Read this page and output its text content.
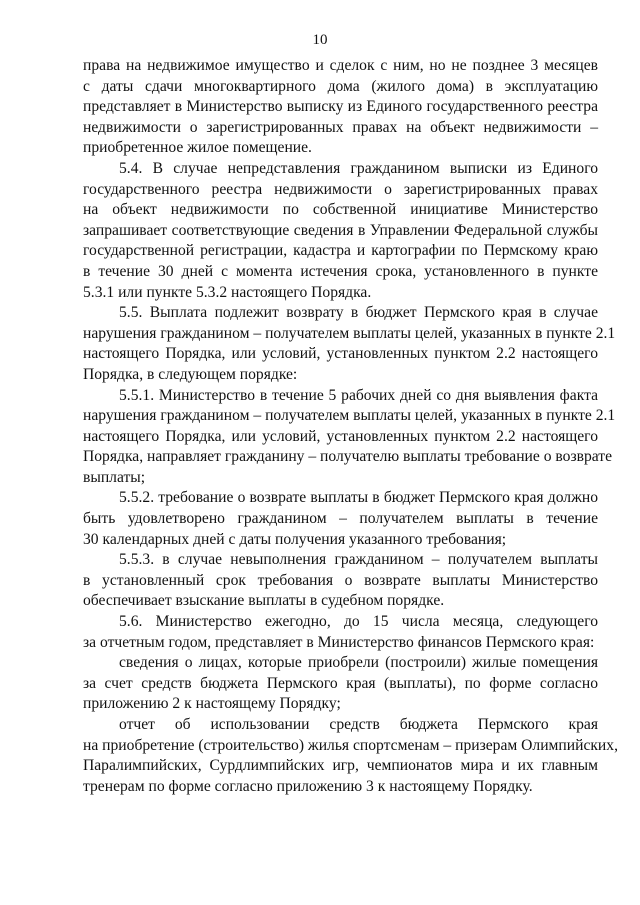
10

права на недвижимое имущество и сделок с ним, но не позднее 3 месяцев
с даты сдачи многоквартирного дома (жилого дома) в эксплуатацию
представляет в Министерство выписку из Единого государственного реестра
недвижимости о зарегистрированных правах на объект недвижимости –
приобретенное жилое помещение.

5.4. В случае непредставления гражданином выписки из Единого
государственного реестра недвижимости о зарегистрированных правах
на объект недвижимости по собственной инициативе Министерство
запрашивает соответствующие сведения в Управлении Федеральной службы
государственной регистрации, кадастра и картографии по Пермскому краю
в течение 30 дней с момента истечения срока, установленного в пункте
5.3.1 или пункте 5.3.2 настоящего Порядка.

5.5. Выплата подлежит возврату в бюджет Пермского края в случае
нарушения гражданином – получателем выплаты целей, указанных в пункте 2.1
настоящего Порядка, или условий, установленных пунктом 2.2 настоящего
Порядка, в следующем порядке:

5.5.1. Министерство в течение 5 рабочих дней со дня выявления факта
нарушения гражданином – получателем выплаты целей, указанных в пункте 2.1
настоящего Порядка, или условий, установленных пунктом 2.2 настоящего
Порядка, направляет гражданину – получателю выплаты требование о возврате
выплаты;

5.5.2. требование о возврате выплаты в бюджет Пермского края должно
быть удовлетворено гражданином – получателем выплаты в течение
30 календарных дней с даты получения указанного требования;

5.5.3. в случае невыполнения гражданином – получателем выплаты
в установленный срок требования о возврате выплаты Министерство
обеспечивает взыскание выплаты в судебном порядке.

5.6. Министерство ежегодно, до 15 числа месяца, следующего
за отчетным годом, представляет в Министерство финансов Пермского края:

сведения о лицах, которые приобрели (построили) жилые помещения
за счет средств бюджета Пермского края (выплаты), по форме согласно
приложению 2 к настоящему Порядку;

отчет об использовании средств бюджета Пермского края
на приобретение (строительство) жилья спортсменам – призерам Олимпийских,
Паралимпийских, Сурдлимпийских игр, чемпионатов мира и их главным
тренерам по форме согласно приложению 3 к настоящему Порядку.
